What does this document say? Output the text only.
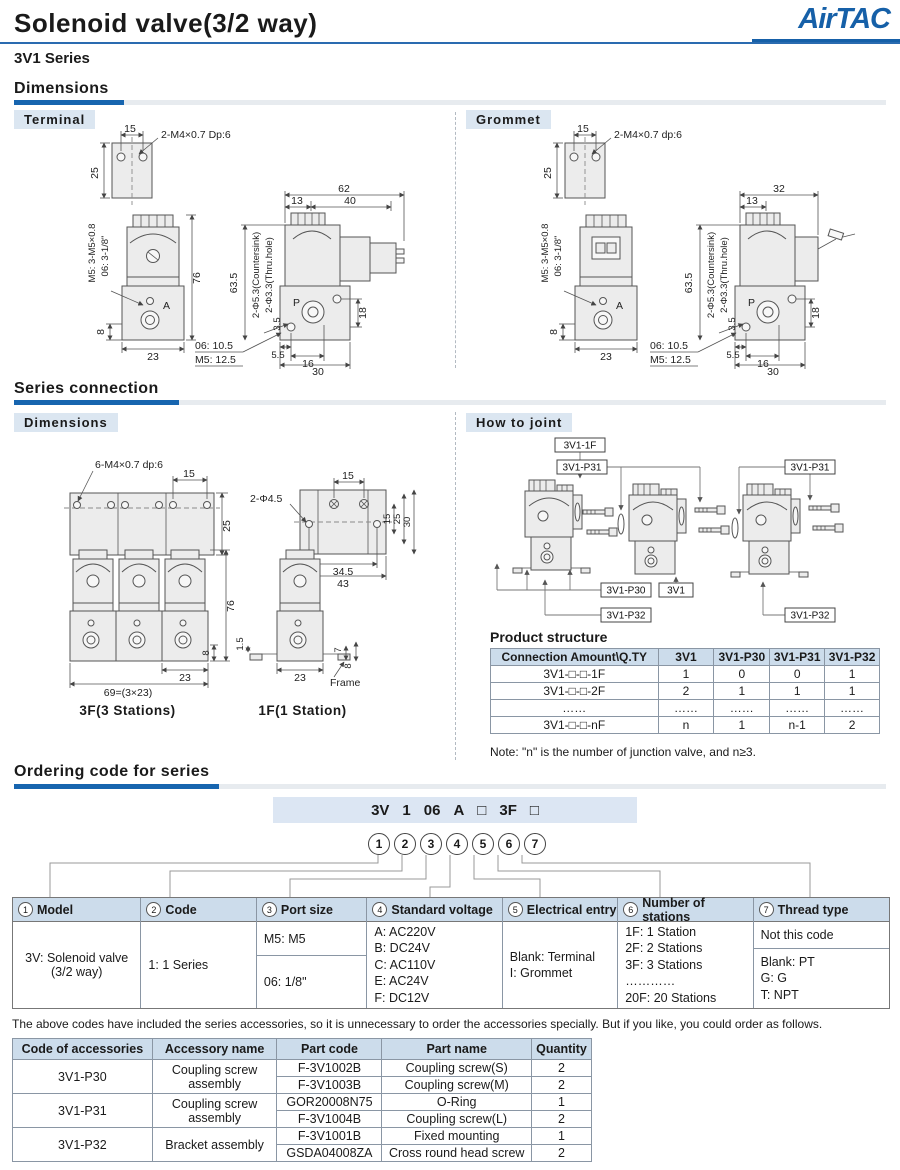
Solenoid valve(3/2 way)	AirTAC
3V1 Series
Dimensions
Terminal	Grommet
15 2-M4×0.7 Dp:6
25
A
76
8
23
M5: 3-M5×0.8 06: 3-1/8"
P
63.5 2-Φ5.3(Countersink) 2-Φ3.3(Thru.hole)
3.5
18
62
13	40
5.5
16
30
06: 10.5
M5: 12.5
15 2-M4×0.7 dp:6
25
A
8
23
M5: 3-M5×0.8 06: 3-1/8"
P
63.5 2-Φ5.3(Countersink) 2-Φ3.3(Thru.hole)
3.5
18
32
13
5.5
16
30
06: 10.5
M5: 12.5
Series connection
Dimensions	How to joint
6-M4×0.7 dp:6
15
25
15
2-Φ4.5
15 25 30
34.5
43
76
8
23
69=(3×23)
1.5	7
8
23 Frame
3F(3 Stations)	1F(1 Station)
3V1-1F
3V1-P31	3V1-P31
3V1-P30 3V1
3V1-P32	3V1-P32
Product structure
Connection Amount\Q.TY	3V1	3V1-P30	3V1-P31	3V1-P32
3V1-□-□-1F	1	0	0	1
3V1-□-□-2F	2	1	1	1
……	……	……	……	……
3V1-□-□-nF	n	1	n-1	2
Note: "n" is the number of junction valve, and n≥3.
Ordering code for series
3V 1 06 A □ 3F □
1	2	3	4	5	6	7
1 Model
3V: Solenoid valve
(3/2 way)
2 Code
1: 1 Series
3 Port size
M5: M5
06: 1/8"
4 Standard voltage
A: AC220V
B: DC24V
C: AC110V
E: AC24V
F: DC12V
5 Electrical entry
Blank: Terminal
I: Grommet
6 Number of stations
1F: 1 Station
2F: 2 Stations
3F: 3 Stations
…………
20F: 20 Stations
7 Thread type
Not this code
Blank: PT
G: G
T: NPT
The above codes have included the series accessories, so it is unnecessary to order the accessories specially. But if you like, you could order as follows.
Code of accessories	Accessory name	Part code	Part name	Quantity
3V1-P30	Coupling screw assembly	F-3V1002B	Coupling screw(S)	2
		F-3V1003B	Coupling screw(M)	2
3V1-P31	Coupling screw assembly	GOR20008N75	O-Ring	1
		F-3V1004B	Coupling screw(L)	2
3V1-P32	Bracket assembly	F-3V1001B	Fixed mounting	1
		GSDA04008ZA	Cross round head screw	2
